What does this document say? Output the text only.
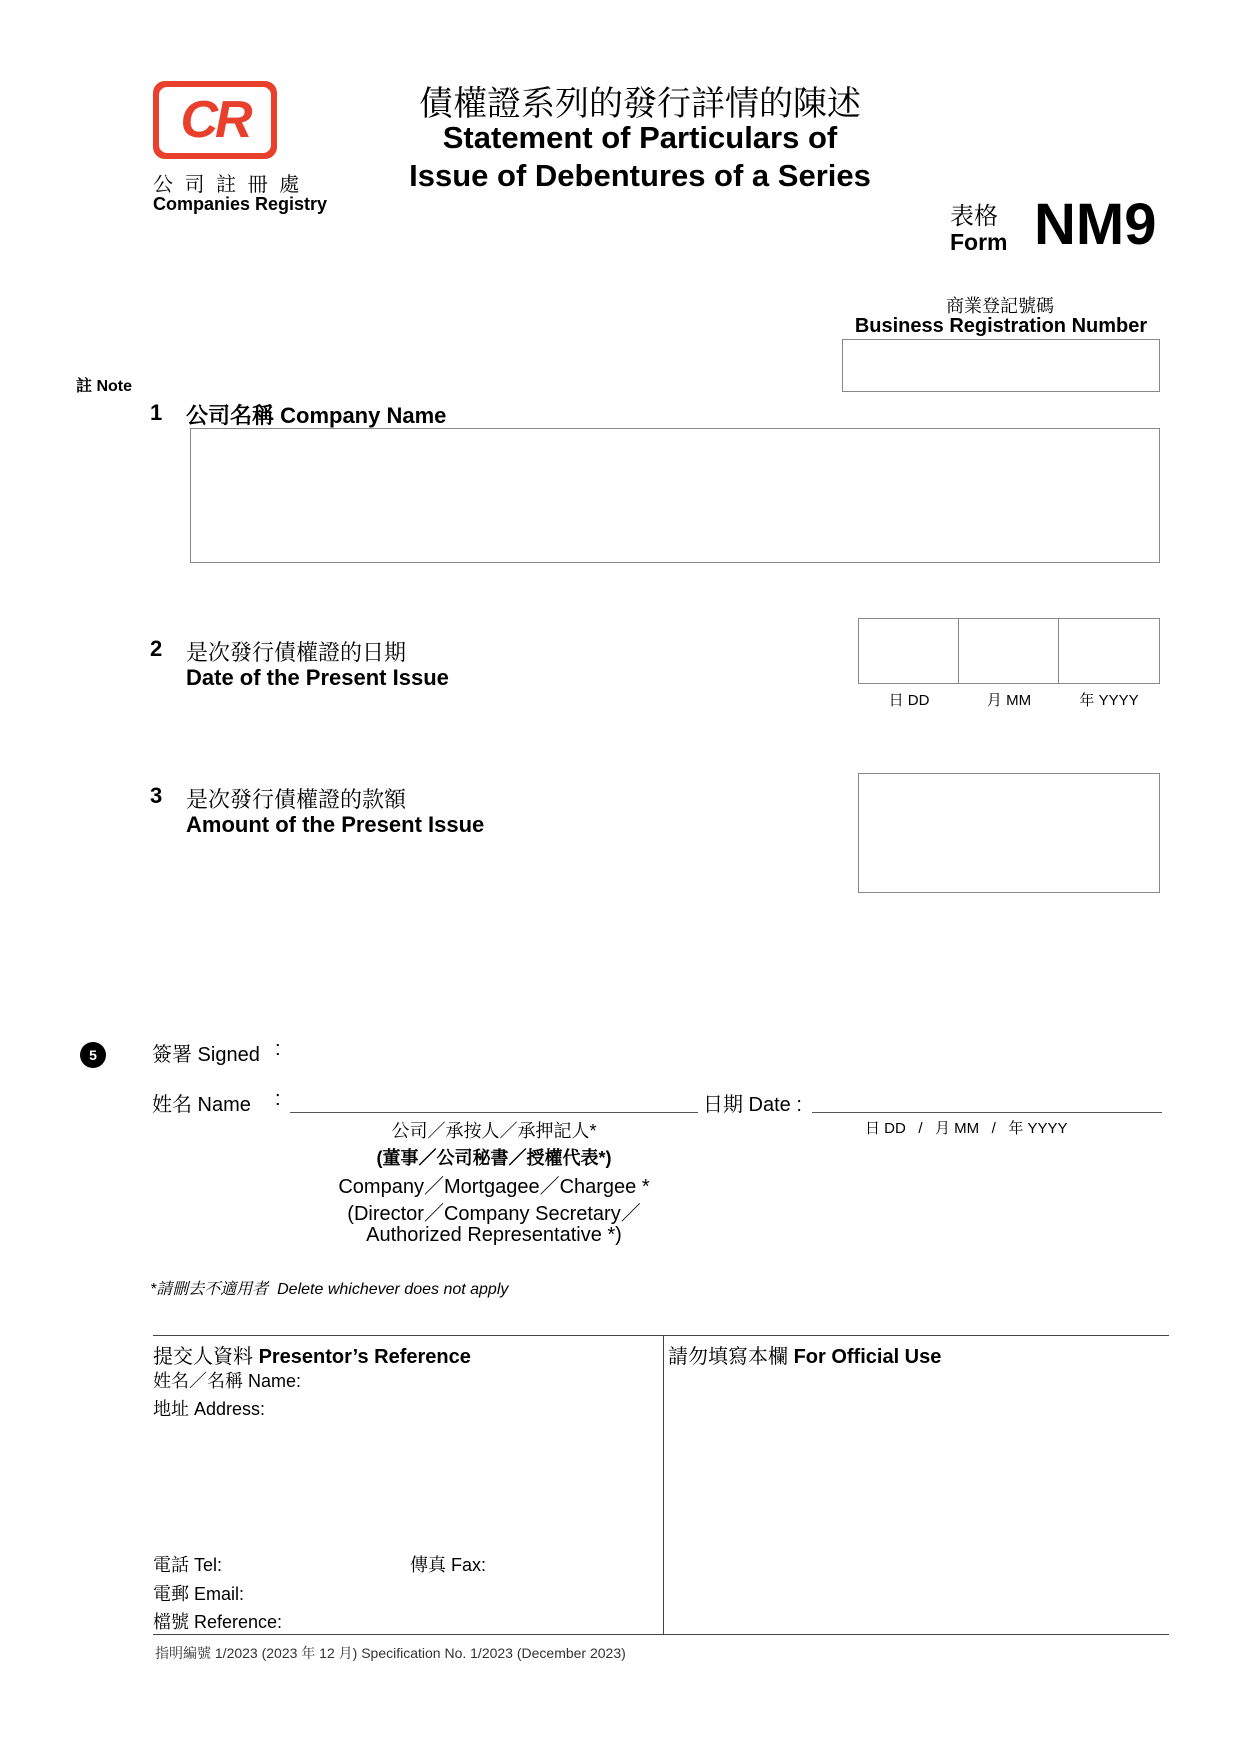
CR
公 司 註 冊 處
Companies Registry
債權證系列的發行詳情的陳述
Statement of Particulars of
Issue of Debentures of a Series
表格
Form NM9
商業登記號碼
Business Registration Number
註 Note
1 公司名稱 Company Name
2 是次發行債權證的日期
Date of the Present Issue
日 DD	月 MM	年 YYYY
3 是次發行債權證的款額
Amount of the Present Issue
5	簽署 Signed :
姓名 Name :	日期 Date :
日 DD   /   月 MM   /   年 YYYY
公司／承按人／承押記人*
(董事／公司秘書／授權代表*)
Company／Mortgagee／Chargee *
(Director／Company Secretary／
Authorized Representative *)
*請刪去不適用者 Delete whichever does not apply
提交人資料 Presentor’s Reference
姓名／名稱 Name:
地址 Address:
電話 Tel:	傳真 Fax:
電郵 Email:
檔號 Reference:
請勿填寫本欄 For Official Use
指明編號 1/2023 (2023 年 12 月) Specification No. 1/2023 (December 2023)
